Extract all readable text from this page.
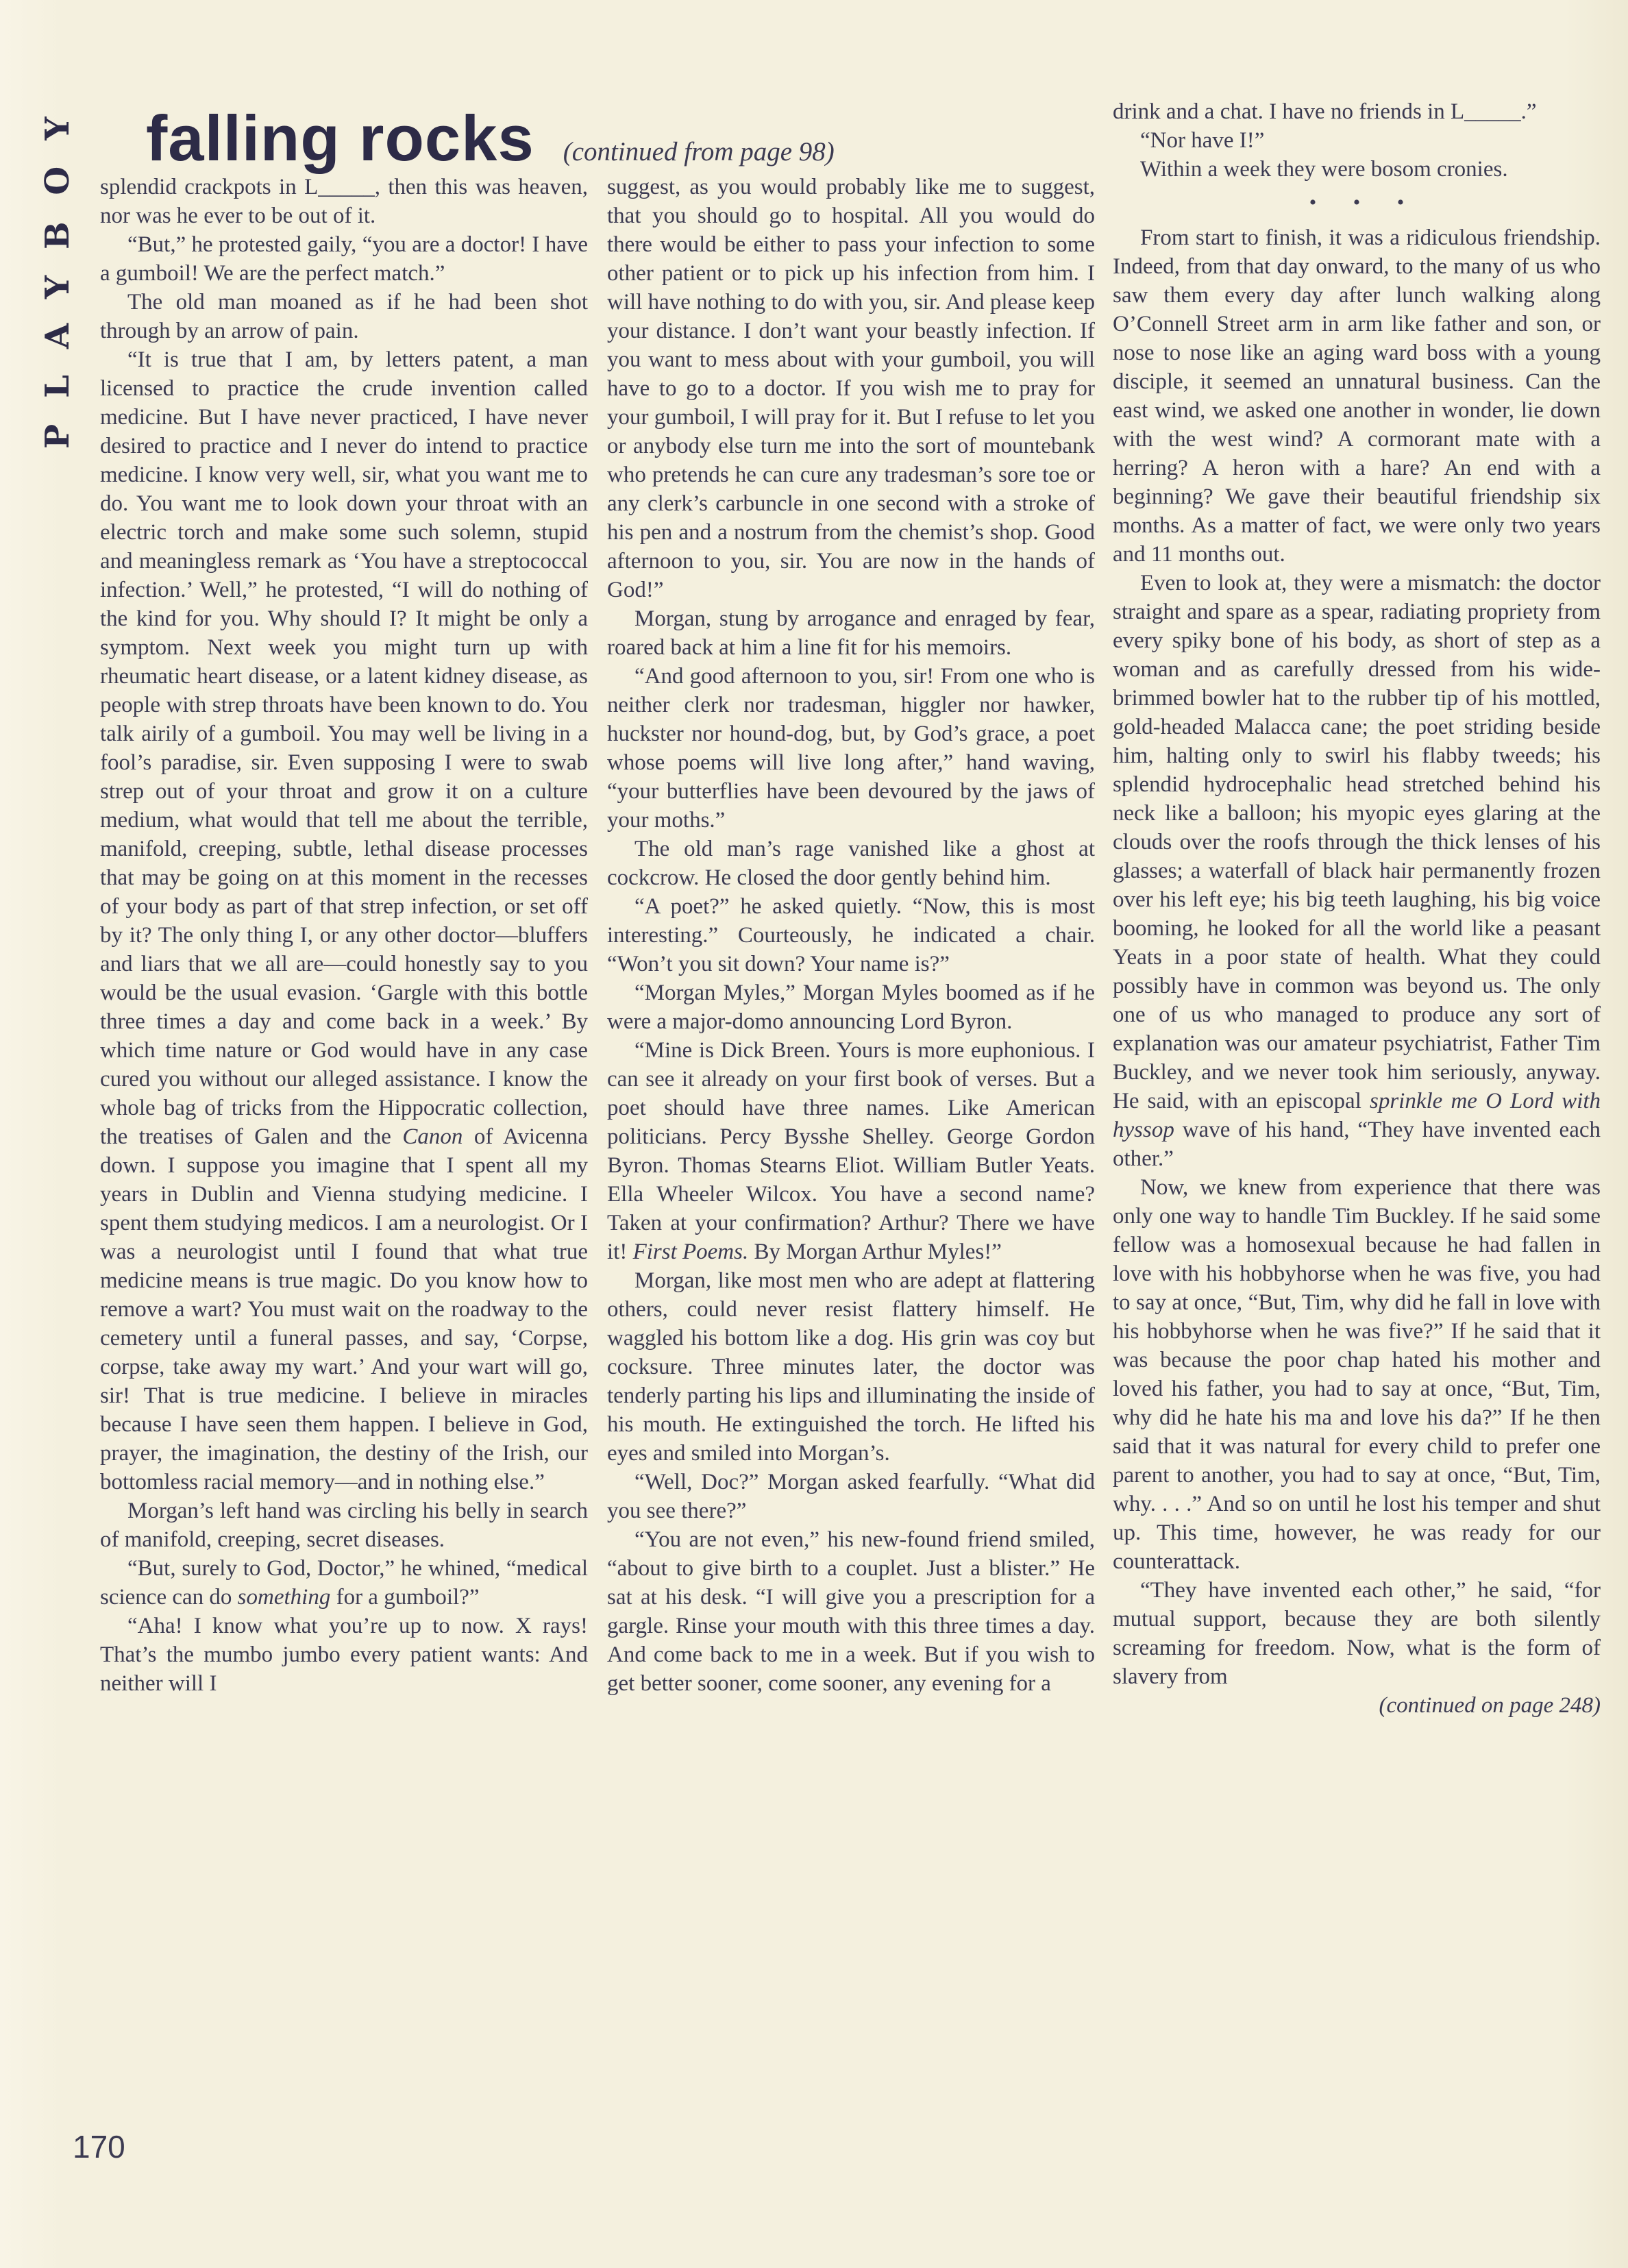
PLAYBOY falling rocks (continued from page 98)

splendid crackpots in L_____, then this was heaven, nor was he ever to be out of it.

“But,” he protested gaily, “you are a doctor! I have a gumboil! We are the perfect match.”

The old man moaned as if he had been shot through by an arrow of pain.

“It is true that I am, by letters patent, a man licensed to practice the crude invention called medicine. But I have never practiced, I have never desired to practice and I never do intend to practice medicine. I know very well, sir, what you want me to do. You want me to look down your throat with an electric torch and make some such solemn, stupid and meaningless remark as ‘You have a streptococcal infection.’ Well,” he protested, “I will do nothing of the kind for you. Why should I? It might be only a symptom. Next week you might turn up with rheumatic heart disease, or a latent kidney disease, as people with strep throats have been known to do. You talk airily of a gumboil. You may well be living in a fool’s paradise, sir. Even supposing I were to swab strep out of your throat and grow it on a culture medium, what would that tell me about the terrible, manifold, creeping, subtle, lethal disease processes that may be going on at this moment in the recesses of your body as part of that strep infection, or set off by it? The only thing I, or any other doctor—bluffers and liars that we all are—could honestly say to you would be the usual evasion. ‘Gargle with this bottle three times a day and come back in a week.’ By which time nature or God would have in any case cured you without our alleged assistance. I know the whole bag of tricks from the Hippocratic collection, the treatises of Galen and the Canon of Avicenna down. I suppose you imagine that I spent all my years in Dublin and Vienna studying medicine. I spent them studying medicos. I am a neurologist. Or I was a neurologist until I found that what true medicine means is true magic. Do you know how to remove a wart? You must wait on the roadway to the cemetery until a funeral passes, and say, ‘Corpse, corpse, take away my wart.’ And your wart will go, sir! That is true medicine. I believe in miracles because I have seen them happen. I believe in God, prayer, the imagination, the destiny of the Irish, our bottomless racial memory—and in nothing else.”

Morgan’s left hand was circling his belly in search of manifold, creeping, secret diseases.

“But, surely to God, Doctor,” he whined, “medical science can do something for a gumboil?”

“Aha! I know what you’re up to now. X rays! That’s the mumbo jumbo every patient wants: And neither will I

suggest, as you would probably like me to suggest, that you should go to hospital. All you would do there would be either to pass your infection to some other patient or to pick up his infection from him. I will have nothing to do with you, sir. And please keep your distance. I don’t want your beastly infection. If you want to mess about with your gumboil, you will have to go to a doctor. If you wish me to pray for your gumboil, I will pray for it. But I refuse to let you or anybody else turn me into the sort of mountebank who pretends he can cure any tradesman’s sore toe or any clerk’s carbuncle in one second with a stroke of his pen and a nostrum from the chemist’s shop. Good afternoon to you, sir. You are now in the hands of God!”

Morgan, stung by arrogance and enraged by fear, roared back at him a line fit for his memoirs.

“And good afternoon to you, sir! From one who is neither clerk nor tradesman, higgler nor hawker, huckster nor hound-dog, but, by God’s grace, a poet whose poems will live long after,” hand waving, “your butterflies have been devoured by the jaws of your moths.”

The old man’s rage vanished like a ghost at cockcrow. He closed the door gently behind him.

“A poet?” he asked quietly. “Now, this is most interesting.” Courteously, he indicated a chair. “Won’t you sit down? Your name is?”

“Morgan Myles,” Morgan Myles boomed as if he were a major-domo announcing Lord Byron.

“Mine is Dick Breen. Yours is more euphonious. I can see it already on your first book of verses. But a poet should have three names. Like American politicians. Percy Bysshe Shelley. George Gordon Byron. Thomas Stearns Eliot. William Butler Yeats. Ella Wheeler Wilcox. You have a second name? Taken at your confirmation? Arthur? There we have it! First Poems. By Morgan Arthur Myles!”

Morgan, like most men who are adept at flattering others, could never resist flattery himself. He waggled his bottom like a dog. His grin was coy but cocksure. Three minutes later, the doctor was tenderly parting his lips and illuminating the inside of his mouth. He extinguished the torch. He lifted his eyes and smiled into Morgan’s.

“Well, Doc?” Morgan asked fearfully. “What did you see there?”

“You are not even,” his new-found friend smiled, “about to give birth to a couplet. Just a blister.” He sat at his desk. “I will give you a prescription for a gargle. Rinse your mouth with this three times a day. And come back to me in a week. But if you wish to get better sooner, come sooner, any evening for a

drink and a chat. I have no friends in L_____.”

“Nor have I!”

Within a week they were bosom cronies.

• • •

From start to finish, it was a ridiculous friendship. Indeed, from that day onward, to the many of us who saw them every day after lunch walking along O’Connell Street arm in arm like father and son, or nose to nose like an aging ward boss with a young disciple, it seemed an unnatural business. Can the east wind, we asked one another in wonder, lie down with the west wind? A cormorant mate with a herring? A heron with a hare? An end with a beginning? We gave their beautiful friendship six months. As a matter of fact, we were only two years and 11 months out.

Even to look at, they were a mismatch: the doctor straight and spare as a spear, radiating propriety from every spiky bone of his body, as short of step as a woman and as carefully dressed from his wide-brimmed bowler hat to the rubber tip of his mottled, gold-headed Malacca cane; the poet striding beside him, halting only to swirl his flabby tweeds; his splendid hydrocephalic head stretched behind his neck like a balloon; his myopic eyes glaring at the clouds over the roofs through the thick lenses of his glasses; a waterfall of black hair permanently frozen over his left eye; his big teeth laughing, his big voice booming, he looked for all the world like a peasant Yeats in a poor state of health. What they could possibly have in common was beyond us. The only one of us who managed to produce any sort of explanation was our amateur psychiatrist, Father Tim Buckley, and we never took him seriously, anyway. He said, with an episcopal sprinkle me O Lord with hyssop wave of his hand, “They have invented each other.”

Now, we knew from experience that there was only one way to handle Tim Buckley. If he said some fellow was a homosexual because he had fallen in love with his hobbyhorse when he was five, you had to say at once, “But, Tim, why did he fall in love with his hobbyhorse when he was five?” If he said that it was because the poor chap hated his mother and loved his father, you had to say at once, “But, Tim, why did he hate his ma and love his da?” If he then said that it was natural for every child to prefer one parent to another, you had to say at once, “But, Tim, why. . . .” And so on until he lost his temper and shut up. This time, however, he was ready for our counterattack.

“They have invented each other,” he said, “for mutual support, because they are both silently screaming for freedom. Now, what is the form of slavery from

(continued on page 248)

170
